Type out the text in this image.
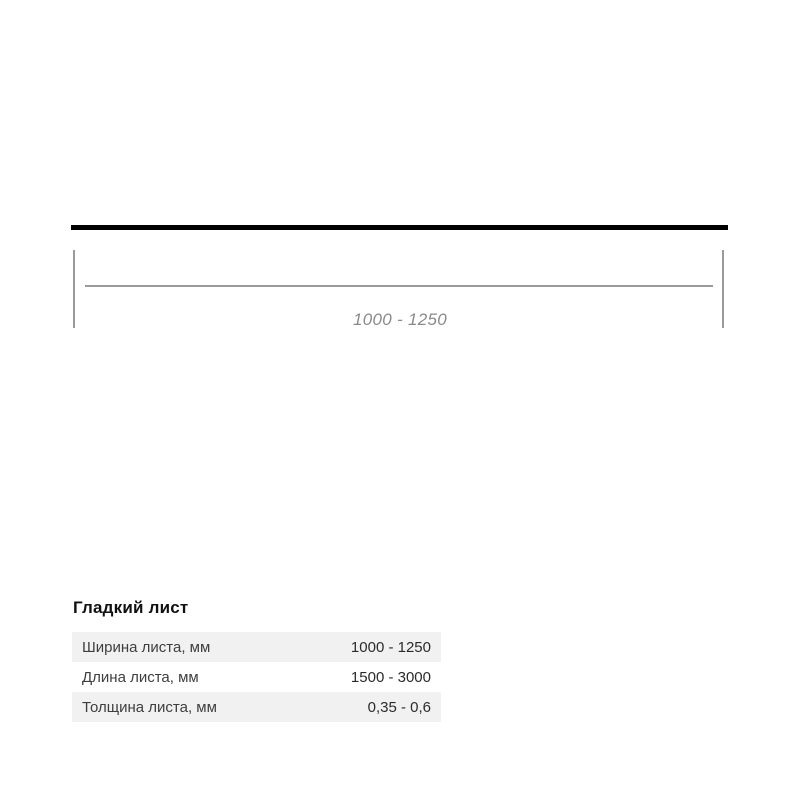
1000 - 1250
Гладкий лист
Ширина листа, мм	1000 - 1250
Длина листа, мм	1500 - 3000
Толщина листа, мм	0,35 - 0,6
